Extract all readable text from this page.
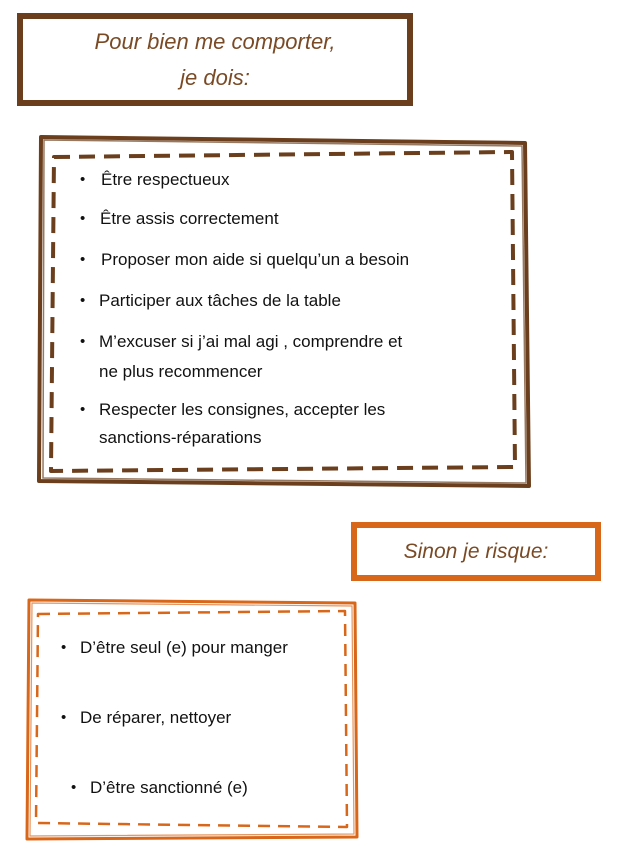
Pour bien me comporter,
je dois:
• Être respectueux
• Être assis correctement
• Proposer mon aide si quelqu’un a besoin
• Participer aux tâches de la table
• M’excuser si j’ai mal agi , comprendre et
ne plus recommencer
• Respecter les consignes, accepter les
sanctions-réparations
Sinon je risque:
• D’être seul (e) pour manger
• De réparer, nettoyer
• D’être sanctionné (e)
